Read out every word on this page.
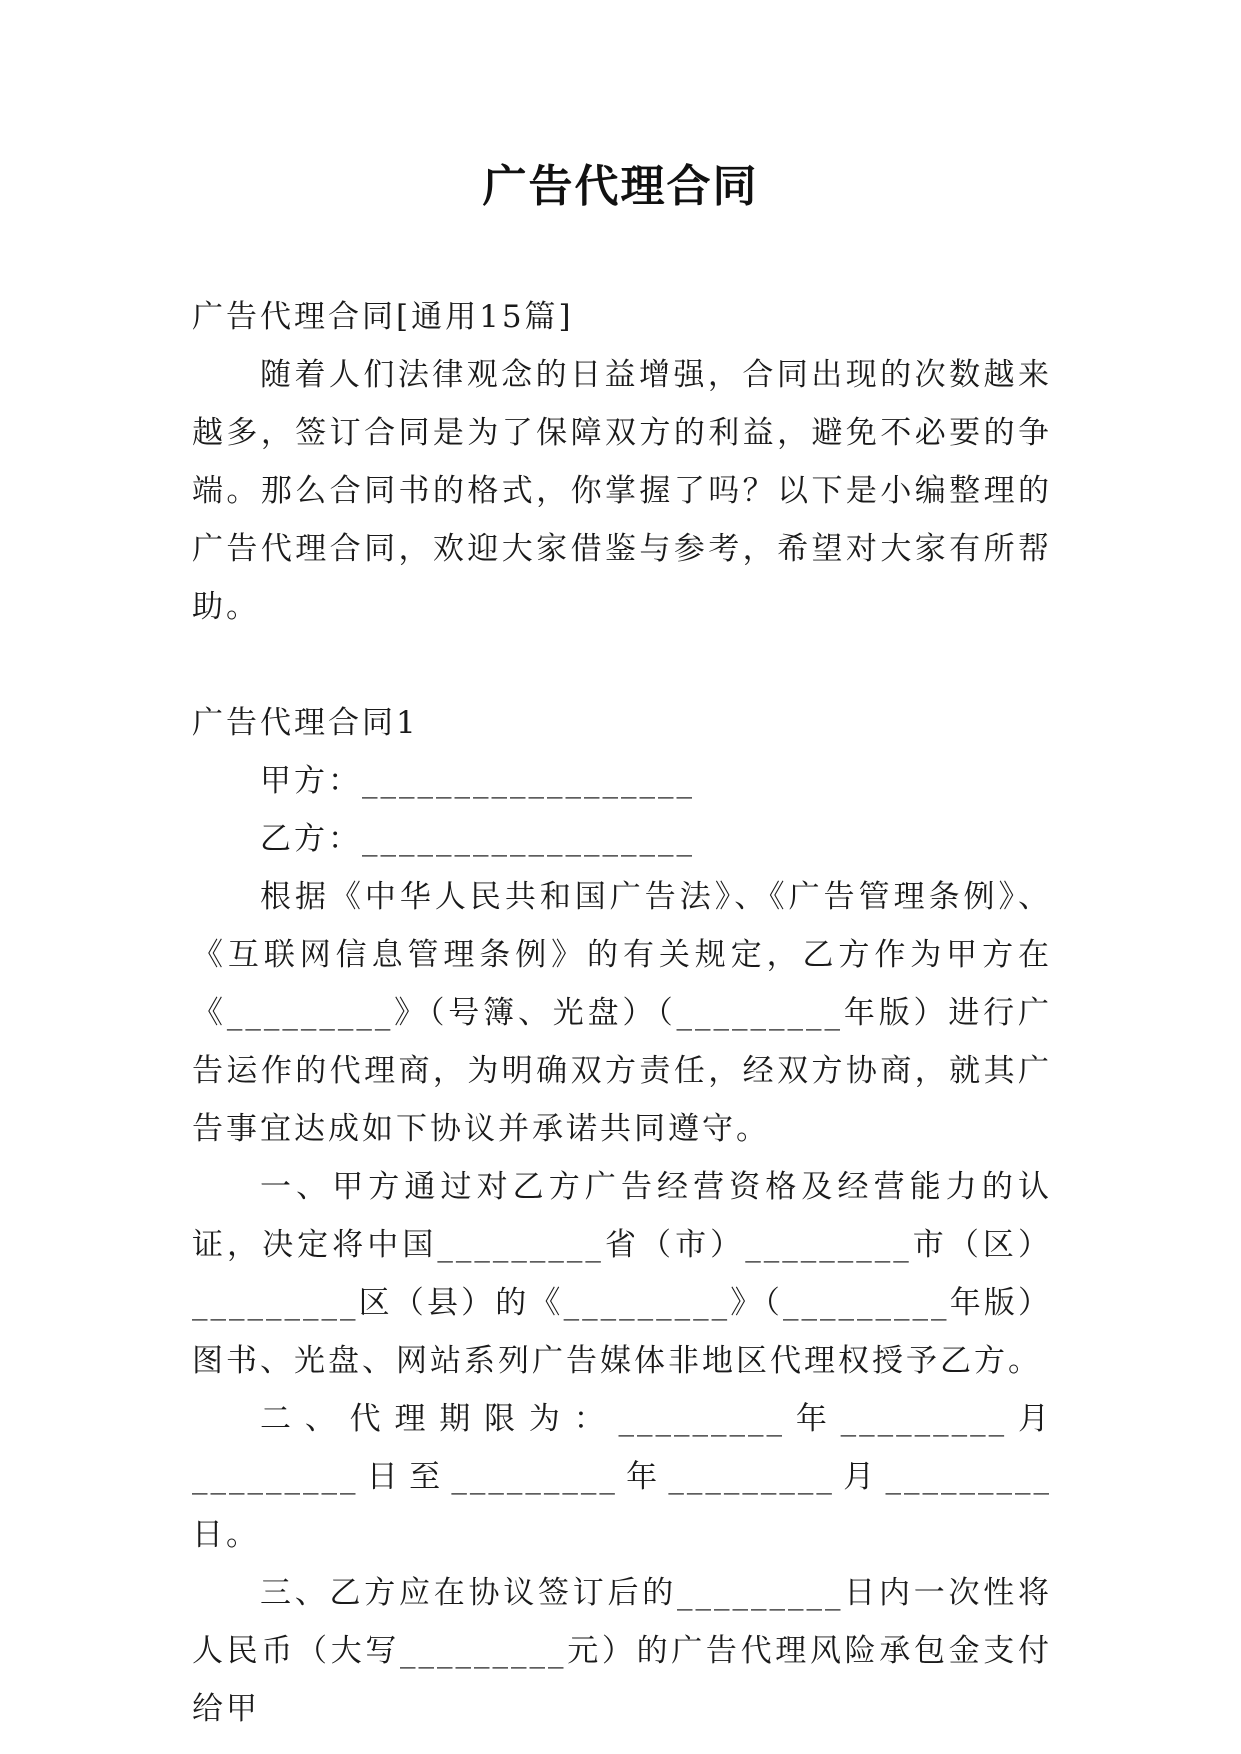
广告代理合同

广告代理合同[通用15篇]

随着人们法律观念的日益增强，合同出现的次数越来越多，签订合同是为了保障双方的利益，避免不必要的争端。那么合同书的格式，你掌握了吗？以下是小编整理的广告代理合同，欢迎大家借鉴与参考，希望对大家有所帮助。

广告代理合同1

甲方：__________________

乙方：__________________

根据《中华人民共和国广告法》、《广告管理条例》、《互联网信息管理条例》的有关规定，乙方作为甲方在《_________》（号簿、光盘）（_________年版）进行广告运作的代理商，为明确双方责任，经双方协商，就其广告事宜达成如下协议并承诺共同遵守。

一、甲方通过对乙方广告经营资格及经营能力的认证，决定将中国_________省（市）_________市（区）_________区（县）的《_________》（_________年版）图书、光盘、网站系列广告媒体非地区代理权授予乙方。

二、代理期限为：_________年_________月_________日至_________年_________月_________日。

三、乙方应在协议签订后的_________日内一次性将人民币（大写_________元）的广告代理风险承包金支付给甲
